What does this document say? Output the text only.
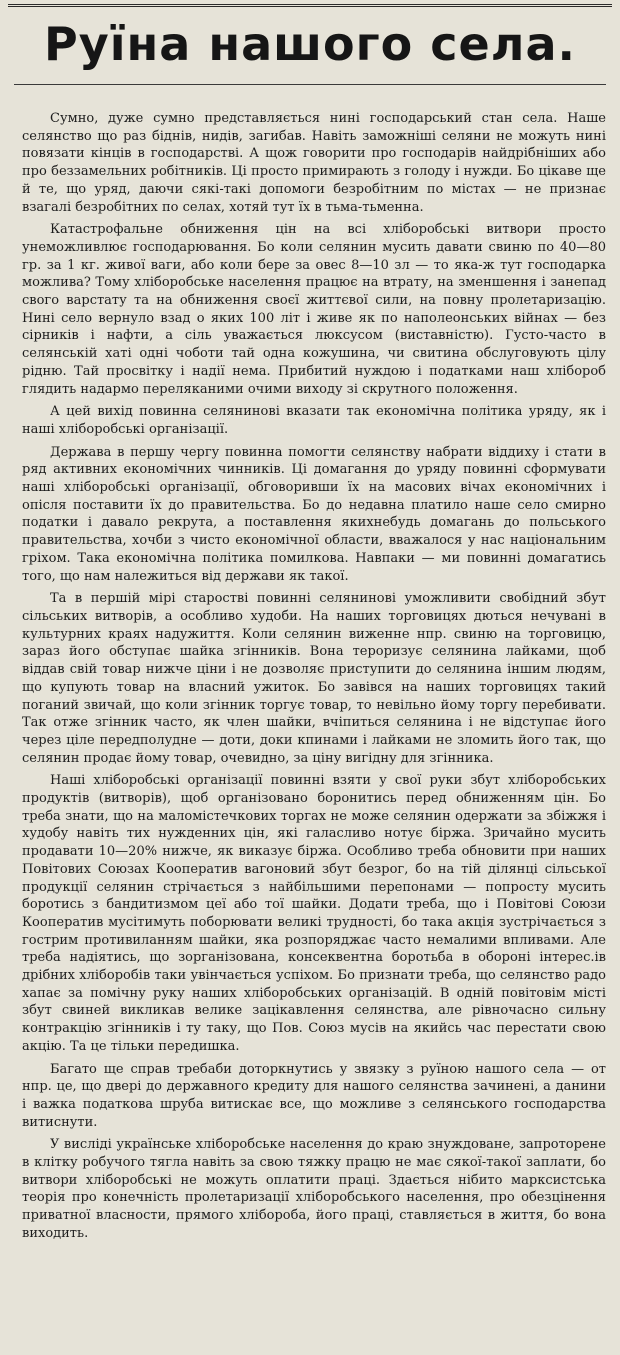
Руїна нашого села.

Сумно, дуже сумно представляється нині господарський стан села. Наше селянство що раз біднів, нидів, загибав. Навіть заможніші селяни не можуть нині повязати кінців в господарстві. А щож говорити про господарів найдрібніших або про беззамельних робітників. Ці просто примирають з голоду і нужди. Бо цікаве ще й те, що уряд, даючи сякі-такі допомоги безробітним по містах — не признає взагалі безробітних по селах, хотяй тут їх в тьма-тьменна.

Катастрофальне обниження цін на всі хліборобські витвори просто унеможливлює господарювання. Бо коли селянин мусить давати свиню по 40—80 гр. за 1 кг. живої ваги, або коли бере за овес 8—10 зл — то яка-ж тут господарка можлива? Тому хліборобське населення працює на втрату, на зменшення і занепад свого варстату та на обниження своєї життєвої сили, на повну пролетаризацію. Нині село вернуло взад о яких 100 літ і живе як по наполеонських війнах — без сірників і нафти, а сіль уважається люксусом (виставністю). Густо-часто в селянській хаті одні чоботи тай одна кожушина, чи свитина обслуговують цілу рідню. Тай просвітку і надії нема. Прибитий нуждою і податками наш хлібороб глядить надармо переляканими очими виходу зі скрутного положення.

А цей вихід повинна селянинові вказати так економічна політика уряду, як і наші хліборобські організації.

Держава в першу чергу повинна помогти селянству набрати віддиху і стати в ряд активних економічних чинників. Ці домагання до уряду повинні сформувати наші хліборобські організації, обговоривши їх на масових вічах економічних і опісля поставити їх до правительства. Бо до недавна платило наше село смирно податки і давало рекрута, а поставлення якихнебудь домагань до польського правительства, хочби з чисто економічної области, вважалося у нас національним гріхом. Така економічна політика помилкова. Навпаки — ми повинні домагатись того, що нам належиться від держави як такої.

Та в першій мірі старостві повинні селянинові уможливити свобідний збут сільських витворів, а особливо худоби. На наших торговицях дються нечувані в культурних краях надужиття. Коли селянин виженне нпр. свиню на торговицю, зараз його обступає шайка згінників. Вона тероризує селянина лайками, щоб віддав свій товар нижче ціни і не дозволяє приступити до селянина іншим людям, що купують товар на власний ужиток. Бо завівся на наших торговицях такий поганий звичай, що коли згінник торгує товар, то невільно йому торгу перебивати. Так отже згінник часто, як член шайки, вчіпиться селянина і не відступає його через ціле передполудне — доти, доки кпинами і лайками не зломить його так, що селянин продає йому товар, очевидно, за ціну вигідну для згінника.

Наші хліборобські організації повинні взяти у свої руки збут хліборобських продуктів (витворів), щоб організовано боронитись перед обниженням цін. Бо треба знати, що на маломістечкових торгах не може селянин одержати за збіжжя і худобу навіть тих нужденних цін, які галасливо нотує біржа. Зричайно мусить продавати 10—20% нижче, як виказує біржа. Особливо треба обновити при наших Повітових Союзах Кооператив вагоновий збут безрог, бо на тій ділянці сільської продукції селянин стрічається з найбільшими перепонами — попросту мусить боротись з бандитизмом цеї або тої шайки. Додати треба, що і Повітові Союзи Кооператив мусітимуть поборювати великі трудності, бо така акція зустрічається з гострим противиланням шайки, яка розпоряджає часто немалими впливами. Але треба надіятись, що зорганізована, консеквентна боротьба в обороні інтерес.ів дрібних хліборобів таки увінчається успіхом. Бо признати треба, що селянство радо хапає за помічну руку наших хліборобських організацій. В одній повітовім місті збут свиней викликав велике зацікавлення селянства, але рівночасно сильну контракцію згінників і ту таку, що Пов. Союз мусів на якийсь час перестати свою акцію. Та це тільки передишка.

Багато ще справ требаби доторкнутись у звязку з руїною нашого села — от нпр. це, що двері до державного кредиту для нашого селянства зачинені, а данини і важка податкова шруба витискає все, що можливе з селянського господарства витиснути.

У висліді українське хліборобське населення до краю знуждоване, запроторене в клітку робучого тягла навіть за свою тяжку працю не має сякої-такої заплати, бо витвори хліборобські не можуть оплатити праці. Здається нібито марксистська теорія про конечність пролетаризації хліборобського населення, про обезцінення приватної власности, прямого хлібороба, його праці, ставляється в життя, бо вона виходить.
